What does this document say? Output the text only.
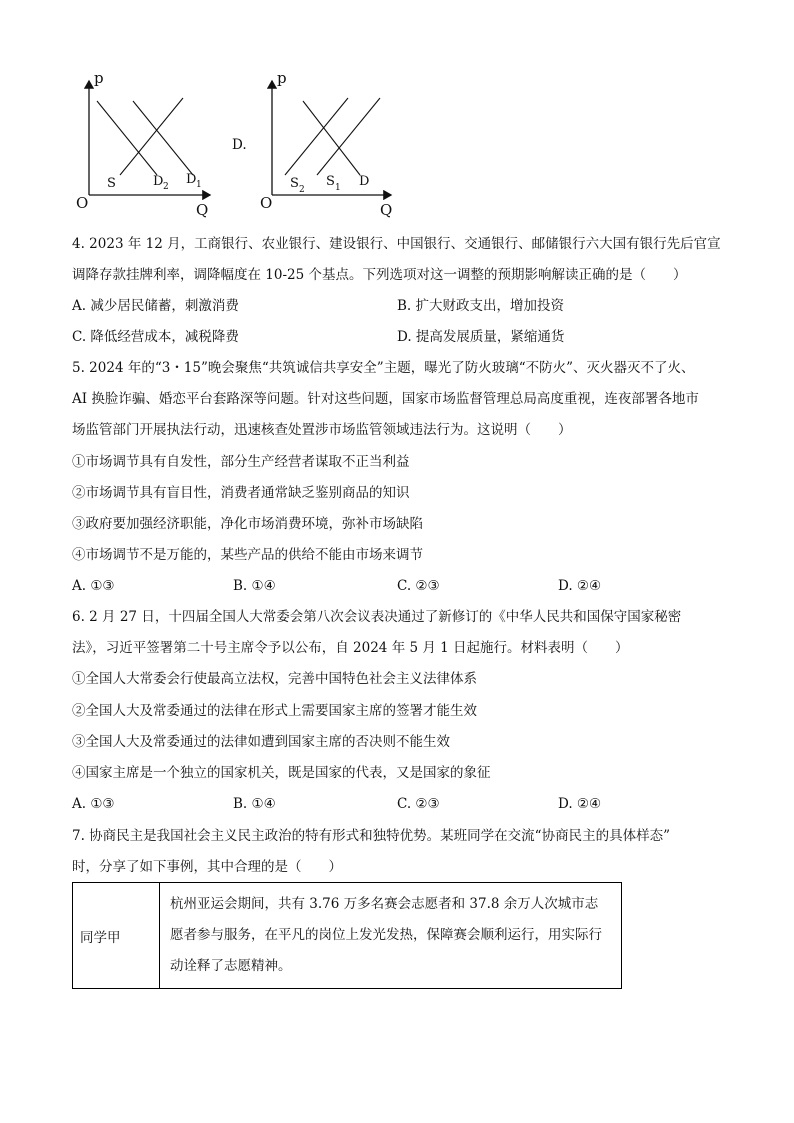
p
Q
O
S	D 2 D 1
D.
p
Q
O
S 2
S 1 D
4. 2023 年 12 月，工商银行、农业银行、建设银行、中国银行、交通银行、邮储银行六大国有银行先后官宣
调降存款挂牌利率，调降幅度在 10-25 个基点。下列选项对这一调整的预期影响解读正确的是（　　）
A. 减少居民储蓄，刺激消费	B. 扩大财政支出，增加投资
C. 降低经营成本，减税降费	D. 提高发展质量，紧缩通货
5. 2024 年的“3・15”晚会聚焦“共筑诚信共享安全”主题，曝光了防火玻璃“不防火”、灭火器灭不了火、
AI 换脸诈骗、婚恋平台套路深等问题。针对这些问题，国家市场监督管理总局高度重视，连夜部署各地市
场监管部门开展执法行动，迅速核查处置涉市场监管领域违法行为。这说明（　　）
①市场调节具有自发性，部分生产经营者谋取不正当利益
②市场调节具有盲目性，消费者通常缺乏鉴别商品的知识
③政府要加强经济职能，净化市场消费环境，弥补市场缺陷
④市场调节不是万能的，某些产品的供给不能由市场来调节
A. ①③	B. ①④	C. ②③	D. ②④
6. 2 月 27 日，十四届全国人大常委会第八次会议表决通过了新修订的《中华人民共和国保守国家秘密
法》，习近平签署第二十号主席令予以公布，自 2024 年 5 月 1 日起施行。材料表明（　　）
①全国人大常委会行使最高立法权，完善中国特色社会主义法律体系
②全国人大及常委通过的法律在形式上需要国家主席的签署才能生效
③全国人大及常委通过的法律如遭到国家主席的否决则不能生效
④国家主席是一个独立的国家机关，既是国家的代表，又是国家的象征
A. ①③	B. ①④	C. ②③	D. ②④
7. 协商民主是我国社会主义民主政治的特有形式和独特优势。某班同学在交流“协商民主的具体样态”
时，分享了如下事例，其中合理的是（　　）
同学甲	杭州亚运会期间，共有 3.76 万多名赛会志愿者和 37.8 余万人次城市志愿者参与服务，在平凡的岗位上发光发热，保障赛会顺利运行，用实际行动诠释了志愿精神。
